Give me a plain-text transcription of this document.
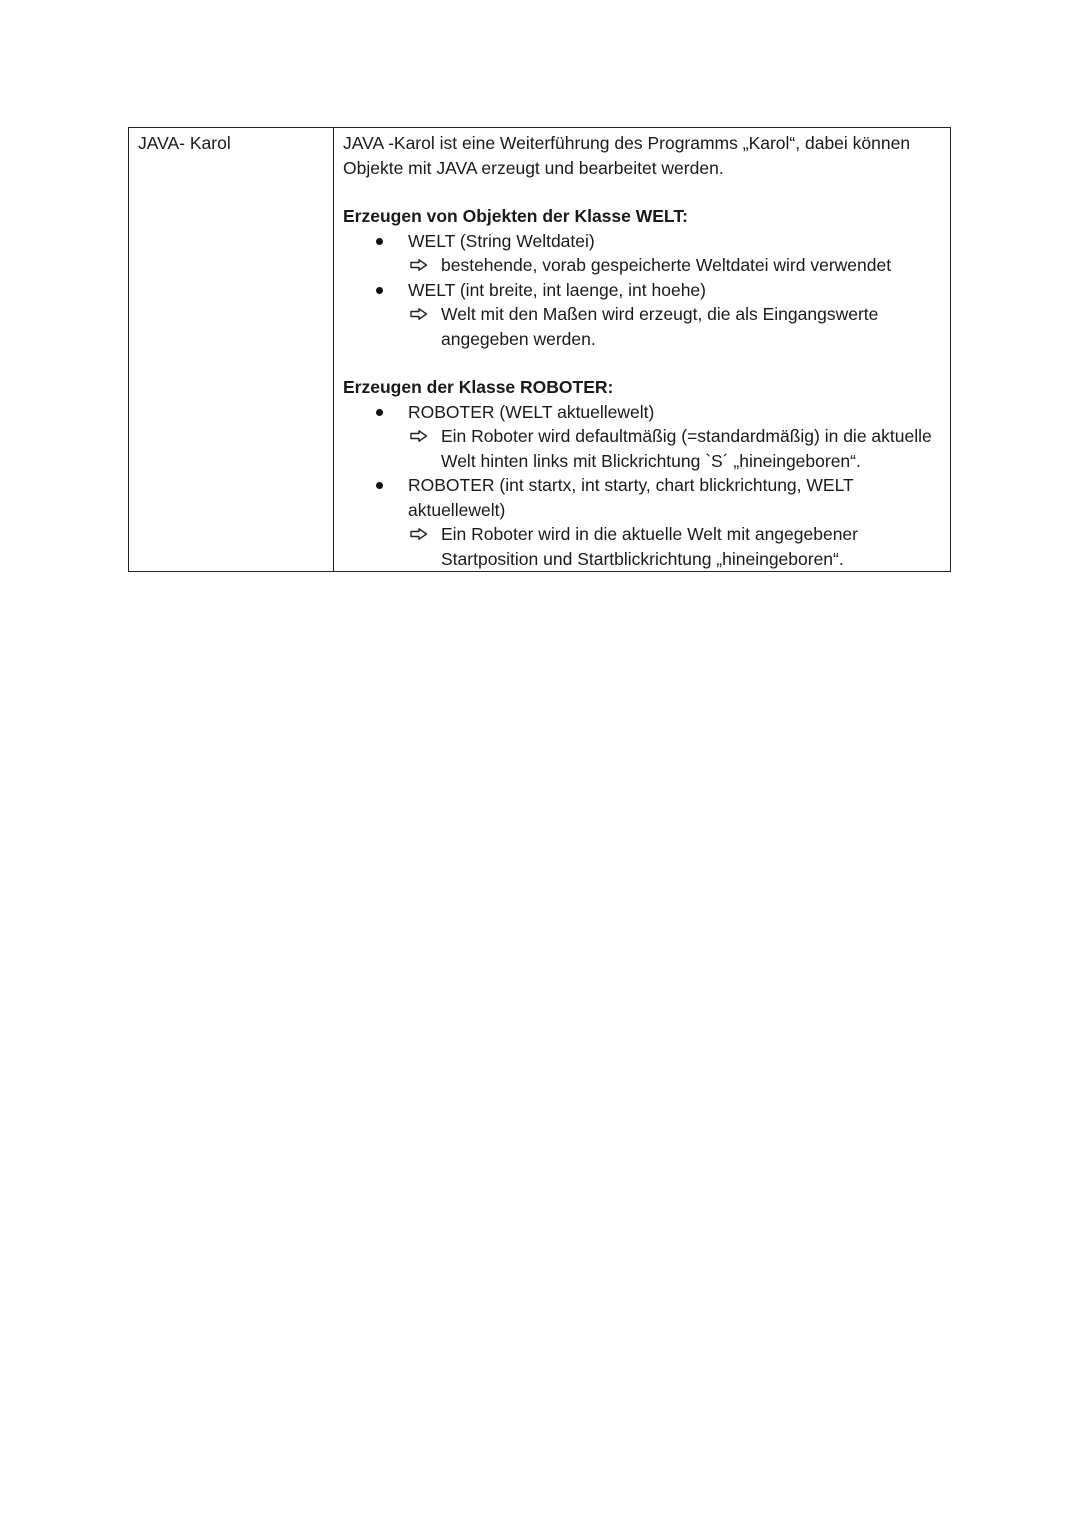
JAVA- Karol	JAVA -Karol ist eine Weiterführung des Programms „Karol“, dabei können Objekte mit JAVA erzeugt und bearbeitet werden.
Erzeugen von Objekten der Klasse WELT:
WELT (String Weltdatei)
bestehende, vorab gespeicherte Weltdatei wird verwendet
WELT (int breite, int laenge, int hoehe)
Welt mit den Maßen wird erzeugt, die als Eingangswerte angegeben werden.
Erzeugen der Klasse ROBOTER:
ROBOTER (WELT aktuellewelt)
Ein Roboter wird defaultmäßig (=standardmäßig) in die aktuelle Welt hinten links mit Blickrichtung `S´ „hineingeboren“.
ROBOTER (int startx, int starty, chart blickrichtung, WELT aktuellewelt)
Ein Roboter wird in die aktuelle Welt mit angegebener Startposition und Startblickrichtung „hineingeboren“.
